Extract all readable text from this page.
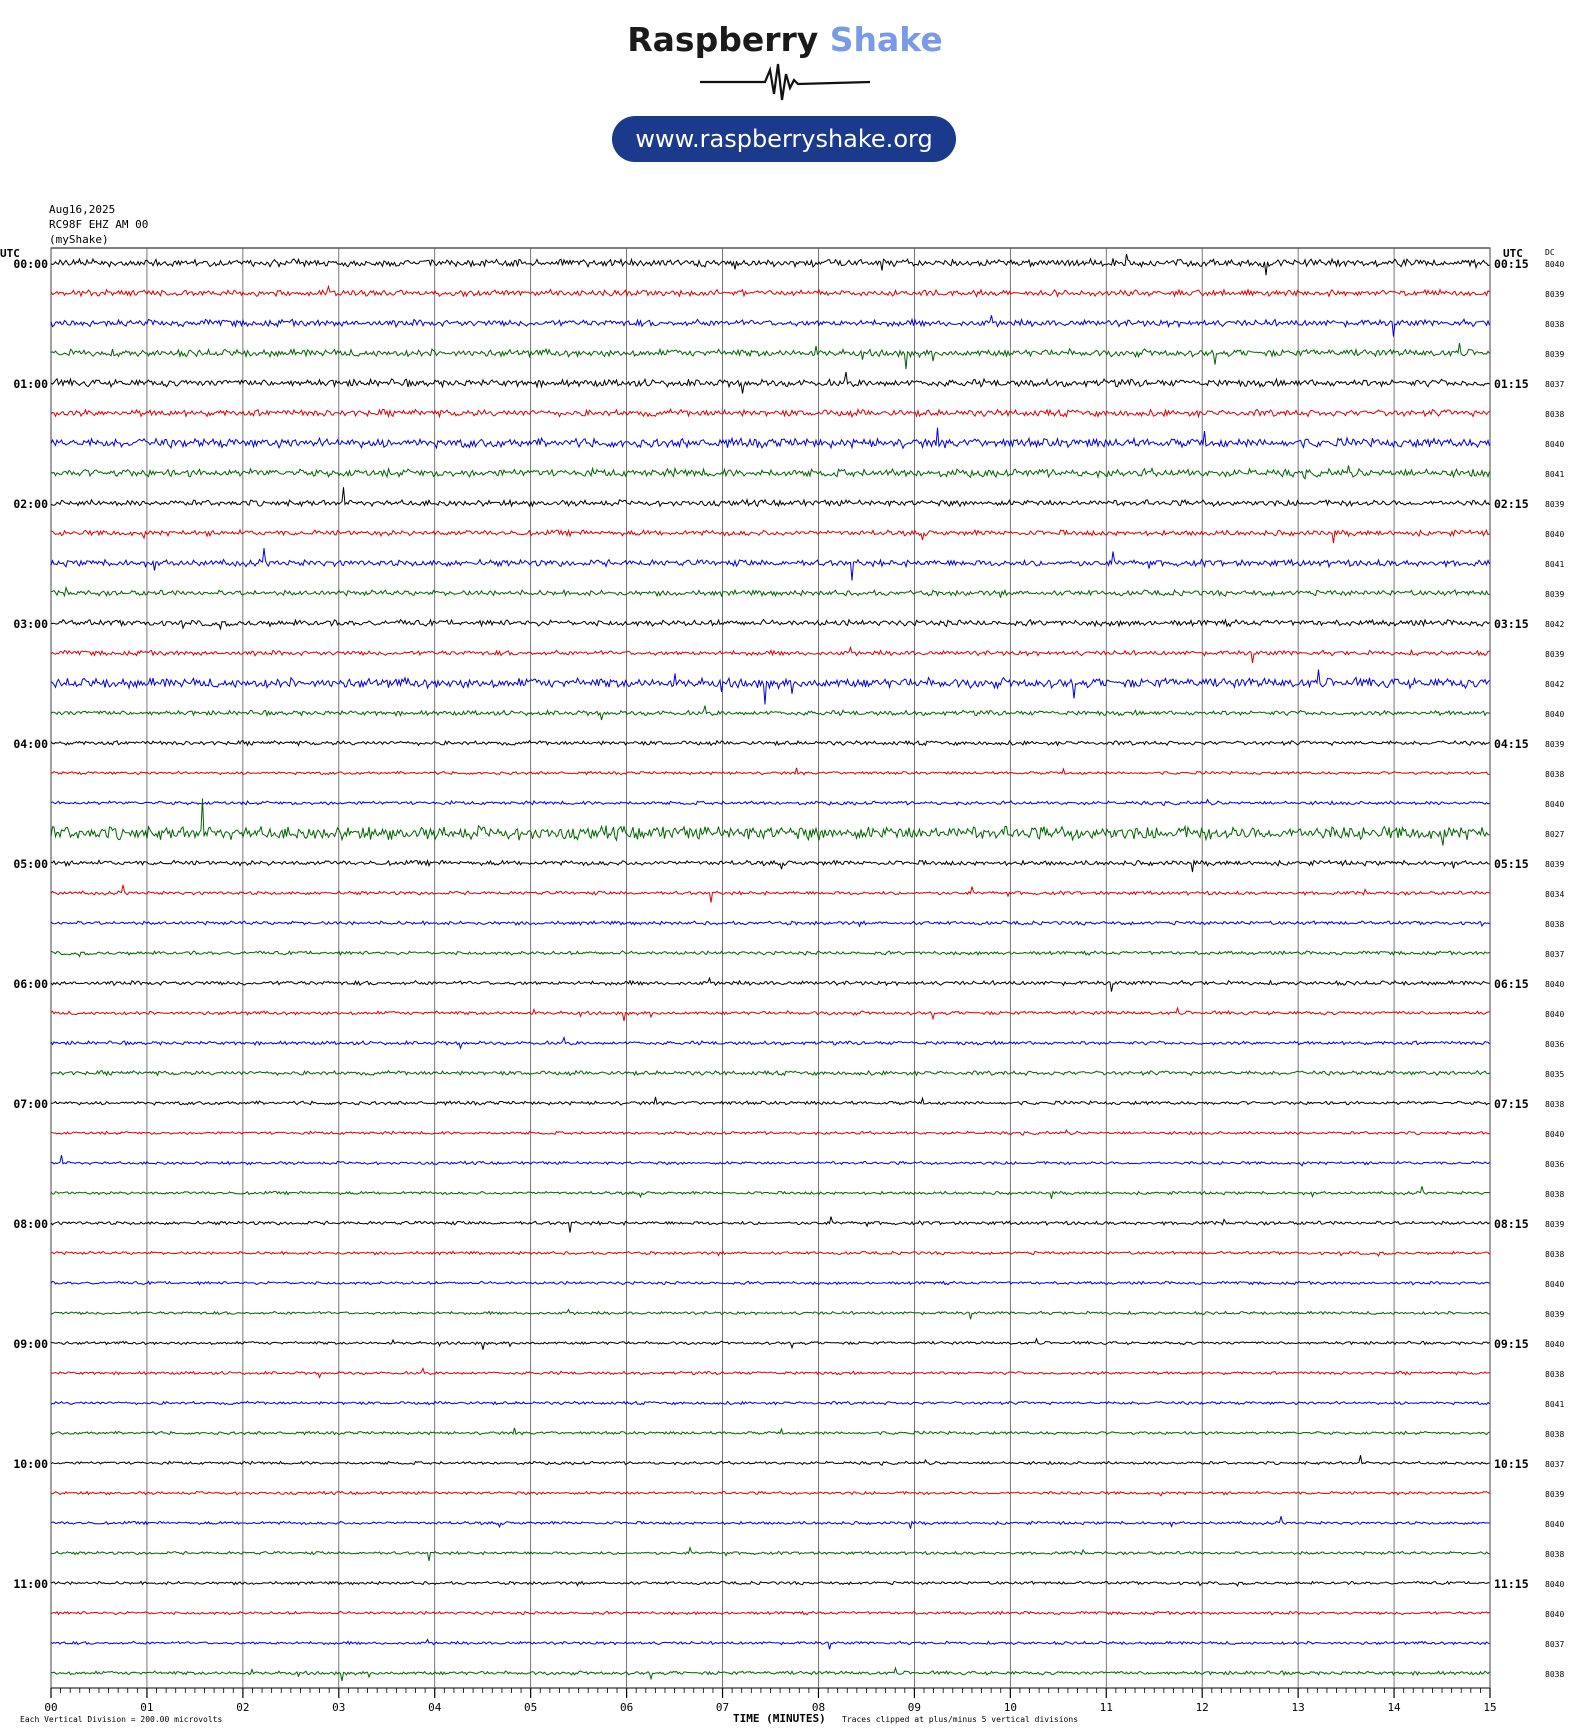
Raspberry Shake
www.raspberryshake.org
Aug16,2025
RC98F EHZ AM 00
(myShake)
8040
8039
8038
8039
8037
8038
8040
8041
8039
8040
8041
8039
8042
8039
8042
8040
8039
8038
8040
8027
8039
8034
8038
8037
8040
8040
8036
8035
8038
8040
8036
8038
8039
8038
8040
8039
8040
8038
8041
8038
8037
8039
8040
8038
8040
8040
8037
8038
00:00
01:00
02:00
03:00
04:00
05:00
06:00
07:00
08:00
09:00
10:00
11:00
00:15
01:15
02:15
03:15
04:15
05:15
06:15
07:15
08:15
09:15
10:15
11:15
UTC	UTC	DC
00	01	02	03	04	05	06	07	08	09	10	11	12	13	14	15
Each Vertical Division = 200.00 microvolts	TIME (MINUTES) Traces clipped at plus/minus 5 vertical divisions
